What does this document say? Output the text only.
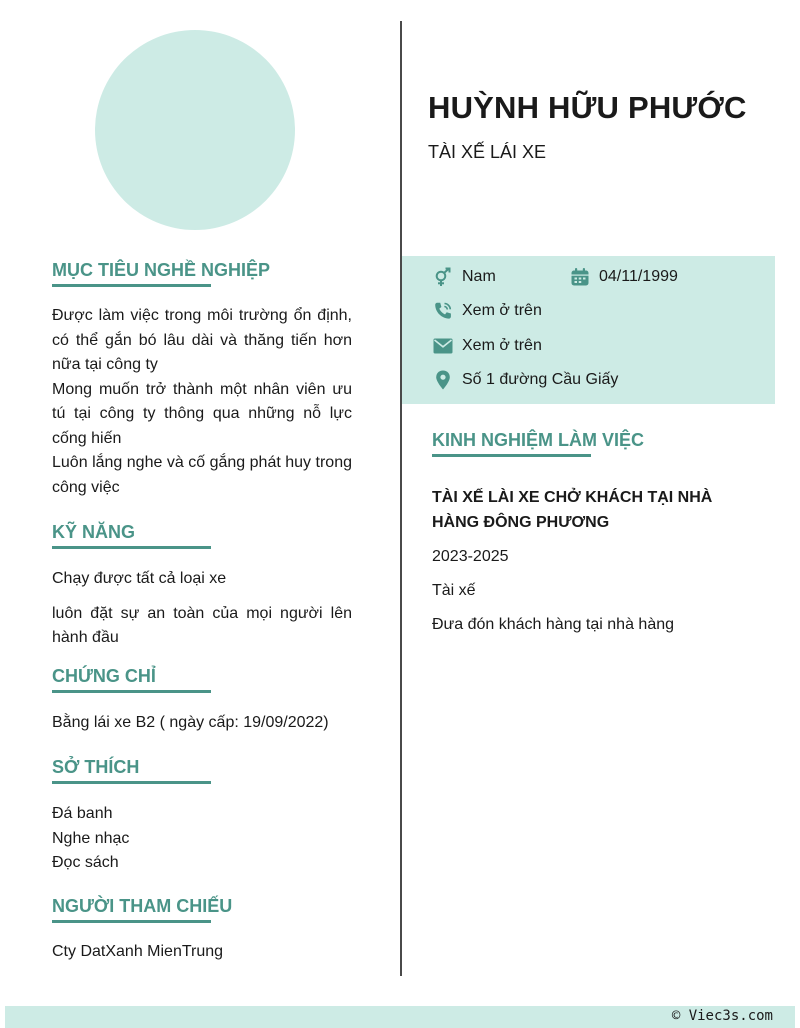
MỤC TIÊU NGHỀ NGHIỆP
Được làm việc trong môi trường ổn định, có thể gắn bó lâu dài và thăng tiến hơn nữa tại công ty
Mong muốn trở thành một nhân viên ưu tú tại công ty thông qua những nỗ lực cống hiến
Luôn lắng nghe và cố gắng phát huy trong công việc
KỸ NĂNG
Chạy được tất cả loại xe
luôn đặt sự an toàn của mọi người lên hành đầu
CHỨNG CHỈ
Bằng lái xe B2 ( ngày cấp: 19/09/2022)
SỞ THÍCH
Đá banh
Nghe nhạc
Đọc sách
NGƯỜI THAM CHIẾU
Cty DatXanh MienTrung
HUỲNH HỮU PHƯỚC
TÀI XẾ LÁI XE
Nam	04/11/1999
Xem ở trên
Xem ở trên
Số 1 đường Cầu Giấy
KINH NGHIỆM LÀM VIỆC
TÀI XẾ LÀI XE CHỞ KHÁCH TẠI NHÀ HÀNG ĐÔNG PHƯƠNG
2023-2025
Tài xế
Đưa đón khách hàng tại nhà hàng
© Viec3s.com
